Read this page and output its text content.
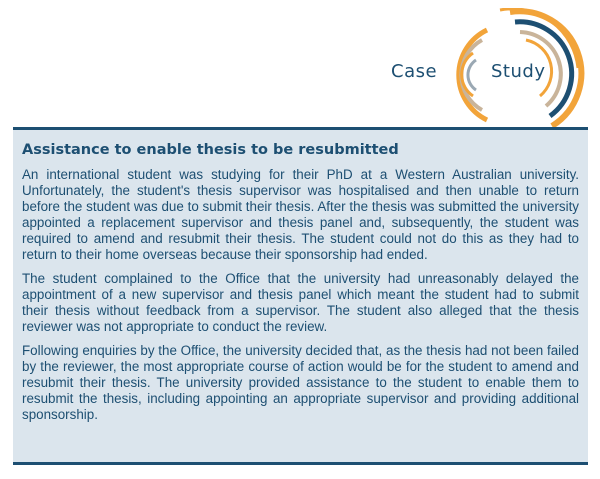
Case	Study
Assistance to enable thesis to be resubmitted

An international student was studying for their PhD at a Western Australian university. Unfortunately, the student's thesis supervisor was hospitalised and then unable to return before the student was due to submit their thesis. After the thesis was submitted the university appointed a replacement supervisor and thesis panel and, subsequently, the student was required to amend and resubmit their thesis. The student could not do this as they had to return to their home overseas because their sponsorship had ended.

The student complained to the Office that the university had unreasonably delayed the appointment of a new supervisor and thesis panel which meant the student had to submit their thesis without feedback from a supervisor. The student also alleged that the thesis reviewer was not appropriate to conduct the review.

Following enquiries by the Office, the university decided that, as the thesis had not been failed by the reviewer, the most appropriate course of action would be for the student to amend and resubmit their thesis. The university provided assistance to the student to enable them to resubmit the thesis, including appointing an appropriate supervisor and providing additional sponsorship.
